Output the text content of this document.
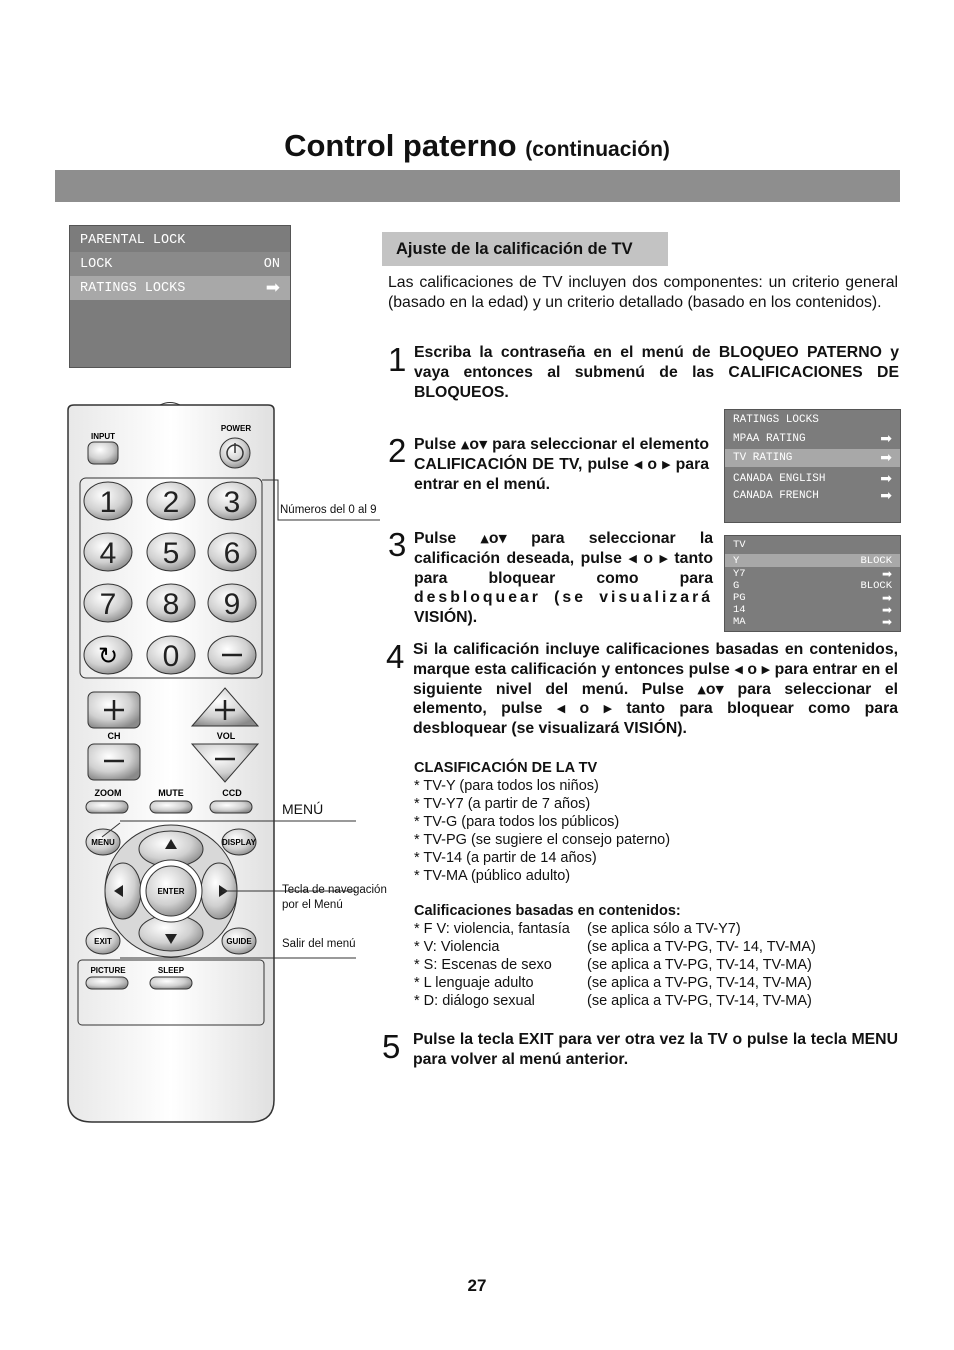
Control paterno (continuación)
PARENTAL LOCK
LOCK	ON
RATINGS LOCKS	➡
Ajuste de la calificación de TV
Las calificaciones de TV incluyen dos componentes: un criterio general (basado en la edad) y un criterio detallado (basado en los contenidos).
1
2
3
4
5
Escriba la contraseña en el menú de BLOQUEO PATERNO y vaya entonces al submenú de las CALIFICACIONES DE BLOQUEOS.
Pulse ▲o▼ para seleccionar el elemento CALIFICACIÓN DE TV, pulse ◀ o ▶ para entrar en el menú.
Pulse ▲o▼ para seleccionar la calificación deseada, pulse ◀ o ▶ tanto para bloquear como para desbloquear (se visualizará VISIÓN).
Si la calificación incluye calificaciones basadas en contenidos, marque esta calificación y entonces pulse ◀ o ▶ para entrar en el siguiente nivel del menú. Pulse ▲o▼ para seleccionar el elemento, pulse ◀ o ▶ tanto para bloquear como para desbloquear (se visualizará VISIÓN).
Pulse la tecla EXIT para ver otra vez la TV o pulse la tecla MENU para volver al menú anterior.
RATINGS LOCKS
MPAA RATING	➡
TV RATING	➡
CANADA ENGLISH	➡
CANADA FRENCH	➡
TV
Y	BLOCK
Y7	➡
G	BLOCK
PG	➡
14	➡
MA	➡
CLASIFICACIÓN DE LA TV
* TV-Y (para todos los niños)
* TV-Y7 (a partir de 7 años)
* TV-G (para todos los públicos)
* TV-PG (se sugiere el consejo paterno)
* TV-14 (a partir de 14 años)
* TV-MA (público adulto)
Calificaciones basadas en contenidos:
* F V: violencia, fantasía	(se aplica sólo a TV-Y7)
* V: Violencia	(se aplica a TV-PG, TV- 14, TV-MA)
* S: Escenas de sexo	(se aplica a TV-PG, TV-14, TV-MA)
* L lenguaje adulto	(se aplica a TV-PG, TV-14, TV-MA)
* D: diálogo sexual	(se aplica a TV-PG, TV-14, TV-MA)
1 2 3
4 5 6
7 8 9
0
↻
CH	VOL
ZOOM	MUTE	CCD
MENU	DISPLAY
ENTER
EXIT	GUIDE
PICTURE	SLEEP
INPUT
POWER
Números del 0 al 9
MENÚ
Tecla de navegación por el Menú
Salir del menú
27
